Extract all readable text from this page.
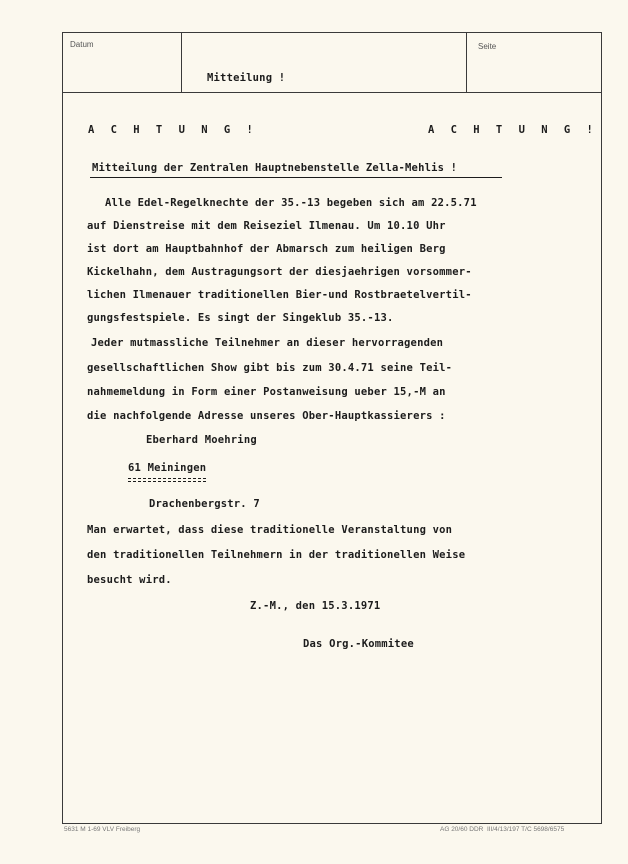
Datum	Seite
Mitteilung !
A C H T U N G !	A C H T U N G !
Mitteilung der Zentralen Hauptnebenstelle Zella-Mehlis !
Alle Edel-Regelknechte der 35.-13 begeben sich am 22.5.71
auf Dienstreise mit dem Reiseziel Ilmenau. Um 10.10 Uhr
ist dort am Hauptbahnhof der Abmarsch zum heiligen Berg
Kickelhahn, dem Austragungsort der diesjaehrigen vorsommer-
lichen Ilmenauer traditionellen Bier-und Rostbraetelvertil-
gungsfestspiele. Es singt der Singeklub 35.-13.
Jeder mutmassliche Teilnehmer an dieser hervorragenden
gesellschaftlichen Show gibt bis zum 30.4.71 seine Teil-
nahmemeldung in Form einer Postanweisung ueber 15,-M an
die nachfolgende Adresse unseres Ober-Hauptkassierers :
Eberhard Moehring
61 Meiningen
Drachenbergstr. 7
Man erwartet, dass diese traditionelle Veranstaltung von
den traditionellen Teilnehmern in der traditionellen Weise
besucht wird.
Z.-M., den 15.3.1971
Das Org.-Kommitee
5631 M 1-69 VLV Freiberg	AG 20/60 DDR  III/4/13/197 T/C 5698/6575
